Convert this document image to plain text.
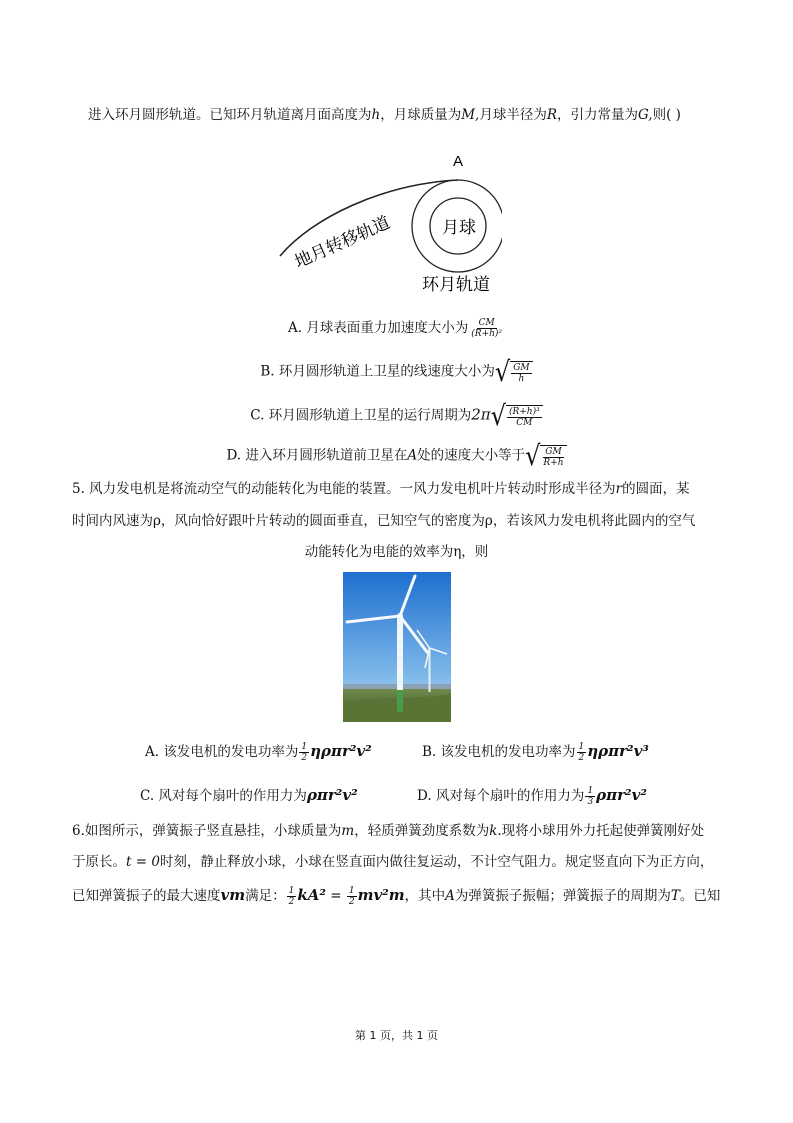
进入环月圆形轨道。已知环月轨道离月面高度为h，月球质量为M,月球半径为R，引力常量为G,则( )
A
月球
地月转移轨道
环月轨道
A. 月球表面重力加速度大小为 $\frac{CM}{\text{(R+h)²}}$
B. 环月圆形轨道上卫星的线速度大小为 √ $\frac{GM}{h}$
C. 环月圆形轨道上卫星的运行周期为2π √ $\frac{\text{(R+h)³}}{CM}$
D. 进入环月圆形轨道前卫星在A处的速度大小等于 √ $\frac{GM}{R+h}$
5. 风力发电机是将流动空气的动能转化为电能的装置。一风力发电机叶片转动时形成半径为r的圆面，某
时间内风速为ρ，风向恰好跟叶片转动的圆面垂直，已知空气的密度为ρ，若该风力发电机将此圆内的空气
动能转化为电能的效率为η，则
A. 该发电机的发电功率为 $\frac{1}{2} \eta\rho\pi r^2v^2$	B. 该发电机的发电功率为 $\frac{1}{2} \eta\rho\pi r^2v^3$
C. 风对每个扇叶的作用力为ρπr²v²	D. 风对每个扇叶的作用力为 $\frac{1}{3} \rho\pi r^2v^2$
6.如图所示，弹簧振子竖直悬挂，小球质量为m，轻质弹簧劲度系数为k.现将小球用外力托起使弹簧刚好处
于原长。t = 0时刻，静止释放小球，小球在竖直面内做往复运动，不计空气阻力。规定竖直向下为正方向，
已知弹簧振子的最大速度vm满足： $\frac{1}{2} kA^2 = \frac{1}{2} mv^2m$，其中A为弹簧振子振幅；弹簧振子的周期为T。已知
第 1 页，共 1 页
